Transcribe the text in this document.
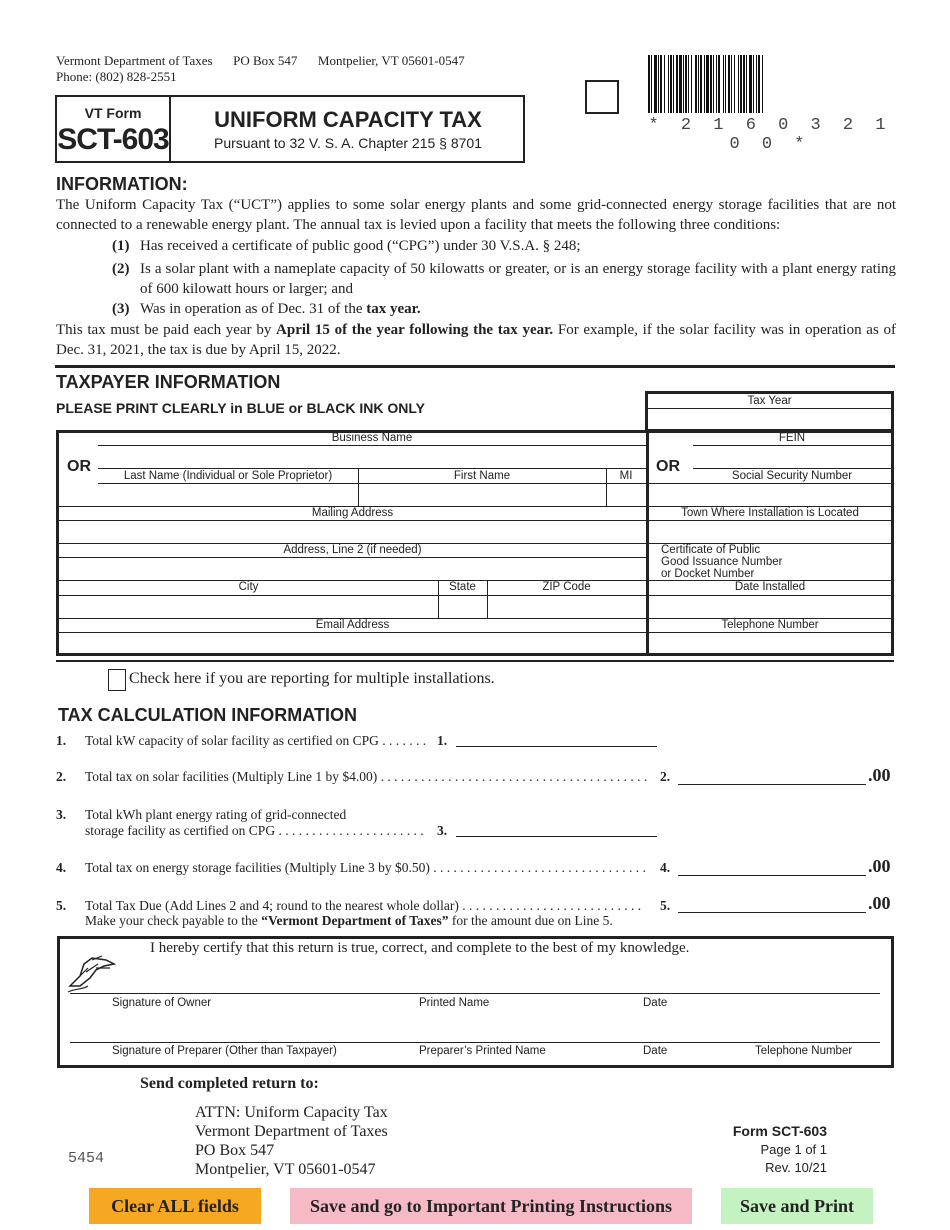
Vermont Department of Taxes PO Box 547 Montpelier, VT 05601-0547
Phone: (802) 828-2551
VT Form
SCT-603
UNIFORM CAPACITY TAX
Pursuant to 32 V. S. A. Chapter 215 § 8701
* 2 1 6 0 3 2 1 0 0 *
INFORMATION:
The Uniform Capacity Tax (“UCT”) applies to some solar energy plants and some grid-connected energy storage facilities that are not connected to a renewable energy plant. The annual tax is levied upon a facility that meets the following three conditions:
(1) Has received a certificate of public good (“CPG”) under 30 V.S.A. § 248;
(2) Is a solar plant with a nameplate capacity of 50 kilowatts or greater, or is an energy storage facility with a plant energy rating of 600 kilowatt hours or larger; and
(3) Was in operation as of Dec. 31 of the tax year.
This tax must be paid each year by April 15 of the year following the tax year. For example, if the solar facility was in operation as of Dec. 31, 2021, the tax is due by April 15, 2022.
TAXPAYER INFORMATION
PLEASE PRINT CLEARLY in BLUE or BLACK INK ONLY	Tax Year
OR	OR
Business Name	FEIN
Last Name (Individual or Sole Proprietor)	First Name	MI	Social Security Number
Mailing Address	Town Where Installation is Located
Address, Line 2 (if needed)	Certificate of Public
Good Issuance Number
or Docket Number
City	State	ZIP Code	Date Installed
Email Address	Telephone Number
Check here if you are reporting for multiple installations.
TAX CALCULATION INFORMATION
1. Total kW capacity of solar facility as certified on CPG . . . . . . . 1.
2. Total tax on solar facilities (Multiply Line 1 by $4.00) . . . . . . . . . . . . . . . . . . . . . . . . . . . . . . . . . . . . . . . . 2.	.00
3. Total kWh plant energy rating of grid-connected
storage facility as certified on CPG . . . . . . . . . . . . . . . . . . . . . . 3.
4. Total tax on energy storage facilities (Multiply Line 3 by $0.50) . . . . . . . . . . . . . . . . . . . . . . . . . . . . . . . .	4.	.00
5. Total Tax Due (Add Lines 2 and 4; round to the nearest whole dollar) . . . . . . . . . . . . . . . . . . . . . . . . . . .	5.	.00
Make your check payable to the “Vermont Department of Taxes” for the amount due on Line 5.
I hereby certify that this return is true, correct, and complete to the best of my knowledge.
Signature of Owner	Printed Name	Date
Signature of Preparer (Other than Taxpayer)	Preparer’s Printed Name	Date	Telephone Number
Send completed return to:
ATTN: Uniform Capacity Tax
Vermont Department of Taxes
PO Box 547
Montpelier, VT 05601-0547
5454
Form SCT-603
Page 1 of 1
Rev. 10/21
Clear ALL fields	Save and go to Important Printing Instructions	Save and Print
